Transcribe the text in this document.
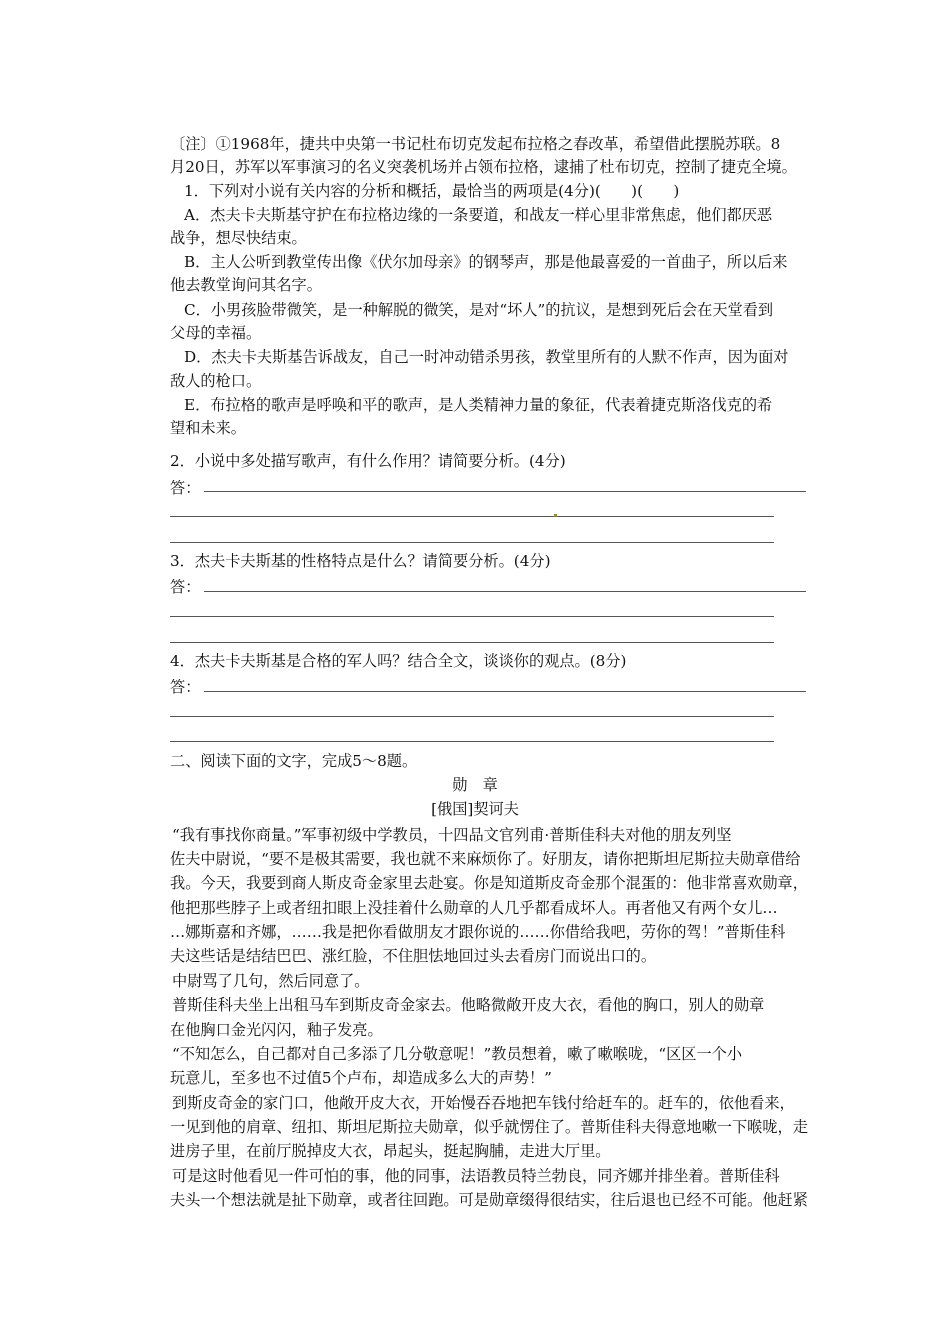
〔注〕①1968年，捷共中央第一书记杜布切克发起布拉格之春改革，希望借此摆脱苏联。8

月20日，苏军以军事演习的名义突袭机场并占领布拉格，逮捕了杜布切克，控制了捷克全境。

1．下列对小说有关内容的分析和概括，最恰当的两项是(4分)(　　)(　　)

A．杰夫卡夫斯基守护在布拉格边缘的一条要道，和战友一样心里非常焦虑，他们都厌恶

战争，想尽快结束。

B．主人公听到教堂传出像《伏尔加母亲》的钢琴声，那是他最喜爱的一首曲子，所以后来

他去教堂询问其名字。

C．小男孩脸带微笑，是一种解脱的微笑，是对“坏人”的抗议，是想到死后会在天堂看到

父母的幸福。

D．杰夫卡夫斯基告诉战友，自己一时冲动错杀男孩，教堂里所有的人默不作声，因为面对

敌人的枪口。

E．布拉格的歌声是呼唤和平的歌声，是人类精神力量的象征，代表着捷克斯洛伐克的希

望和未来。

2．小说中多处描写歌声，有什么作用？请简要分析。(4分)

答：

3．杰夫卡夫斯基的性格特点是什么？请简要分析。(4分)

答：

4．杰夫卡夫斯基是合格的军人吗？结合全文，谈谈你的观点。(8分)

答：

二、阅读下面的文字，完成5～8题。

勋　章

[俄国]契诃夫

“我有事找你商量。”军事初级中学教员，十四品文官列甫·普斯佳科夫对他的朋友列坚

佐夫中尉说，“要不是极其需要，我也就不来麻烦你了。好朋友，请你把斯坦尼斯拉夫勋章借给

我。今天，我要到商人斯皮奇金家里去赴宴。你是知道斯皮奇金那个混蛋的：他非常喜欢勋章，

他把那些脖子上或者纽扣眼上没挂着什么勋章的人几乎都看成坏人。再者他又有两个女儿…

…娜斯嘉和齐娜，……我是把你看做朋友才跟你说的……你借给我吧，劳你的驾！”普斯佳科

夫这些话是结结巴巴、涨红脸，不住胆怯地回过头去看房门而说出口的。

中尉骂了几句，然后同意了。

普斯佳科夫坐上出租马车到斯皮奇金家去。他略微敞开皮大衣，看他的胸口，别人的勋章

在他胸口金光闪闪，釉子发亮。

“不知怎么，自己都对自己多添了几分敬意呢！”教员想着，嗽了嗽喉咙，“区区一个小

玩意儿，至多也不过值5个卢布，却造成多么大的声势！”

到斯皮奇金的家门口，他敞开皮大衣，开始慢吞吞地把车钱付给赶车的。赶车的，依他看来，

一见到他的肩章、纽扣、斯坦尼斯拉夫勋章，似乎就愣住了。普斯佳科夫得意地嗽一下喉咙，走

进房子里，在前厅脱掉皮大衣，昂起头，挺起胸脯，走进大厅里。

可是这时他看见一件可怕的事，他的同事，法语教员特兰勃良，同齐娜并排坐着。普斯佳科

夫头一个想法就是扯下勋章，或者往回跑。可是勋章缀得很结实，往后退也已经不可能。他赶紧
